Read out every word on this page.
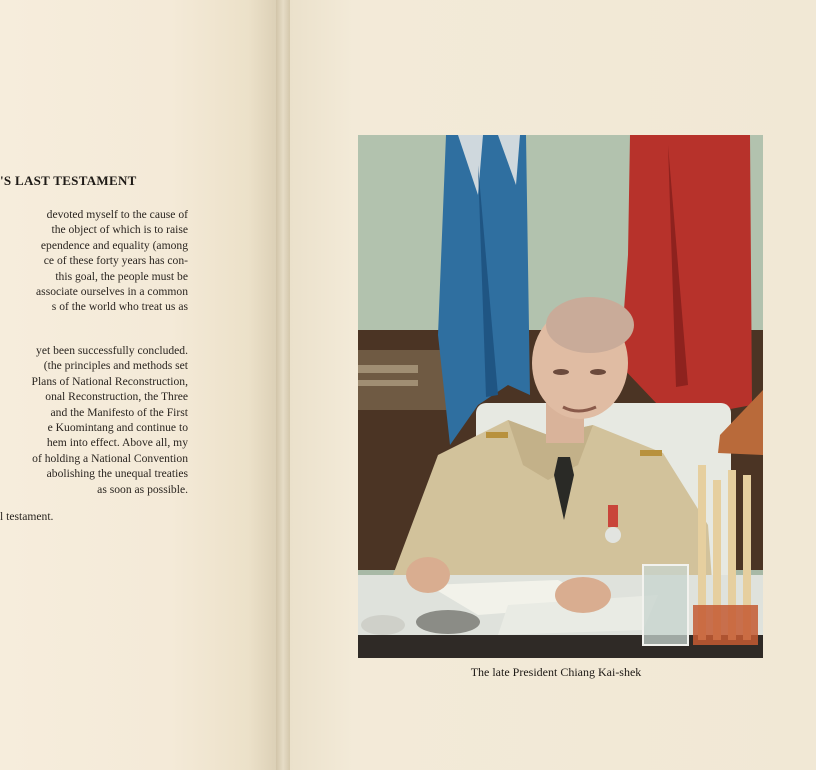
'S LAST TESTAMENT
devoted myself to the cause of
the object of which is to raise
ependence and equality (among
ce of these forty years has con-
this goal, the people must be
associate ourselves in a common
s of the world who treat us as
yet been successfully concluded.
(the principles and methods set
Plans of National Reconstruction,
onal Reconstruction, the Three
and the Manifesto of the First
e Kuomintang and continue to
hem into effect. Above all, my
of holding a National Convention
abolishing the unequal treaties
as soon as possible.
l testament.
The late President Chiang Kai-shek
